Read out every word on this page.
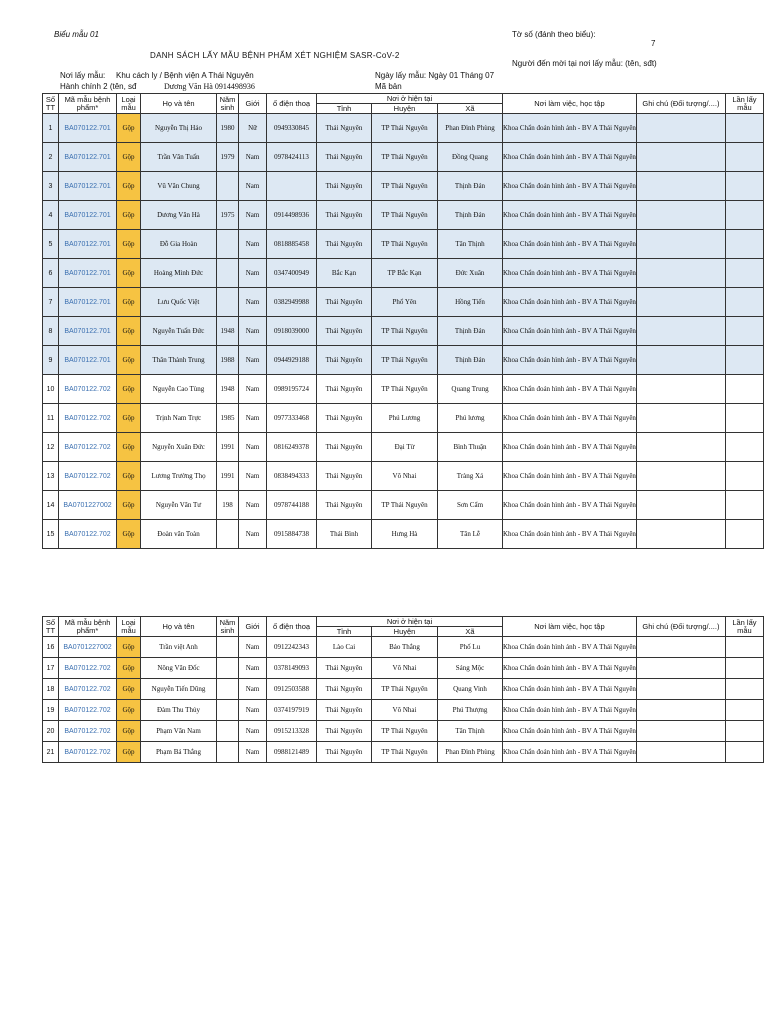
Biểu mẫu 01	Tờ số (đánh theo biểu):
7
DANH SÁCH LẤY MẪU BỆNH PHẨM XÉT NGHIỆM SASR-CoV-2
Người đến mời tại nơi lấy mẫu: (tên, sđt)
Nơi lấy mẫu: Khu cách ly / Bệnh viện A Thái Nguyên	Ngày lấy mẫu: Ngày 01 Tháng 07
Hành chính 2 (tên, sđ	Dương Văn Hà 0914498936	Mã bản
Số TT	Mã mẫu bệnh phẩm*	Loại mẫu	Họ và tên	Năm sinh	Giới	ố điện thoạ	Nơi ở hiện tại			Nơi làm việc, học tập	Ghi chú (Đối tượng/....)	Lần lấy mẫu
							Tỉnh	Huyện	Xã			
1	BA070122.701	Gộp	Nguyễn Thị Hảo	1980	Nữ	0949330845	Thái Nguyên	TP Thái Nguyên	Phan Đình Phùng	Khoa Chẩn đoán hình ảnh - BV A Thái Nguyên		
2	BA070122.701	Gộp	Trần Văn Tuấn	1979	Nam	0978424113	Thái Nguyên	TP Thái Nguyên	Đồng Quang	Khoa Chẩn đoán hình ảnh - BV A Thái Nguyên		
3	BA070122.701	Gộp	Vũ Văn Chung		Nam		Thái Nguyên	TP Thái Nguyên	Thịnh Đán	Khoa Chẩn đoán hình ảnh - BV A Thái Nguyên		
4	BA070122.701	Gộp	Dương Văn Hà	1975	Nam	0914498936	Thái Nguyên	TP Thái Nguyên	Thịnh Đán	Khoa Chẩn đoán hình ảnh - BV A Thái Nguyên		
5	BA070122.701	Gộp	Đỗ Gia Hoàn		Nam	0818885458	Thái Nguyên	TP Thái Nguyên	Tân Thịnh	Khoa Chẩn đoán hình ảnh - BV A Thái Nguyên		
6	BA070122.701	Gộp	Hoàng Minh Đức		Nam	0347400949	Bắc Kạn	TP Bắc Kạn	Đức Xuân	Khoa Chẩn đoán hình ảnh - BV A Thái Nguyên		
7	BA070122.701	Gộp	Lưu Quốc Việt		Nam	0382949988	Thái Nguyên	Phổ Yên	Hồng Tiến	Khoa Chẩn đoán hình ảnh - BV A Thái Nguyên		
8	BA070122.701	Gộp	Nguyễn Tuấn Đức	1948	Nam	0918039000	Thái Nguyên	TP Thái Nguyên	Thịnh Đán	Khoa Chẩn đoán hình ảnh - BV A Thái Nguyên		
9	BA070122.701	Gộp	Thân Thành Trung	1988	Nam	0944929188	Thái Nguyên	TP Thái Nguyên	Thịnh Đán	Khoa Chẩn đoán hình ảnh - BV A Thái Nguyên		
10	BA070122.702	Gộp	Nguyễn Cao Tùng	1948	Nam	0989195724	Thái Nguyên	TP Thái Nguyên	Quang Trung	Khoa Chẩn đoán hình ảnh - BV A Thái Nguyên		
11	BA070122.702	Gộp	Trịnh Nam Trực	1985	Nam	0977333468	Thái Nguyên	Phú Lương	Phú lương	Khoa Chẩn đoán hình ảnh - BV A Thái Nguyên		
12	BA070122.702	Gộp	Nguyễn Xuân Đức	1991	Nam	0816249378	Thái Nguyên	Đại Từ	Bình Thuận	Khoa Chẩn đoán hình ảnh - BV A Thái Nguyên		
13	BA070122.702	Gộp	Lương Trường Thọ	1991	Nam	0838494333	Thái Nguyên	Võ Nhai	Tràng Xá	Khoa Chẩn đoán hình ảnh - BV A Thái Nguyên		
14	BA0701227002	Gộp	Nguyễn Văn Tư	198	Nam	0978744188	Thái Nguyên	TP Thái Nguyên	Sơn Cẩm	Khoa Chẩn đoán hình ảnh - BV A Thái Nguyên		
15	BA070122.702	Gộp	Đoàn văn Toàn		Nam	0915884738	Thái Bình	Hưng Hà	Tân Lễ	Khoa Chẩn đoán hình ảnh - BV A Thái Nguyên		
Số TT	Mã mẫu bệnh phẩm*	Loại mẫu	Họ và tên	Năm sinh	Giới	ố điện thoạ	Nơi ở hiện tại			Nơi làm việc, học tập	Ghi chú (Đối tượng/....)	Lần lấy mẫu
							Tỉnh	Huyện	Xã			
16	BA0701227002	Gộp	Trần việt Anh		Nam	0912242343	Lào Cai	Bảo Thắng	Phố Lu	Khoa Chẩn đoán hình ảnh - BV A Thái Nguyên		
17	BA070122.702	Gộp	Nông Văn Đốc		Nam	0378149093	Thái Nguyên	Võ Nhai	Sáng Mộc	Khoa Chẩn đoán hình ảnh - BV A Thái Nguyên		
18	BA070122.702	Gộp	Nguyễn Tiến Dũng		Nam	0912503588	Thái Nguyên	TP Thái Nguyên	Quang Vinh	Khoa Chẩn đoán hình ảnh - BV A Thái Nguyên		
19	BA070122.702	Gộp	Đàm Thu Thủy		Nam	0374197919	Thái Nguyên	Võ Nhai	Phú Thượng	Khoa Chẩn đoán hình ảnh - BV A Thái Nguyên		
20	BA070122.702	Gộp	Phạm Văn Nam		Nam	0915213328	Thái Nguyên	TP Thái Nguyên	Tân Thịnh	Khoa Chẩn đoán hình ảnh - BV A Thái Nguyên		
21	BA070122.702	Gộp	Phạm Bá Thắng		Nam	0988121489	Thái Nguyên	TP Thái Nguyên	Phan Đình Phùng	Khoa Chẩn đoán hình ảnh - BV A Thái Nguyên		
